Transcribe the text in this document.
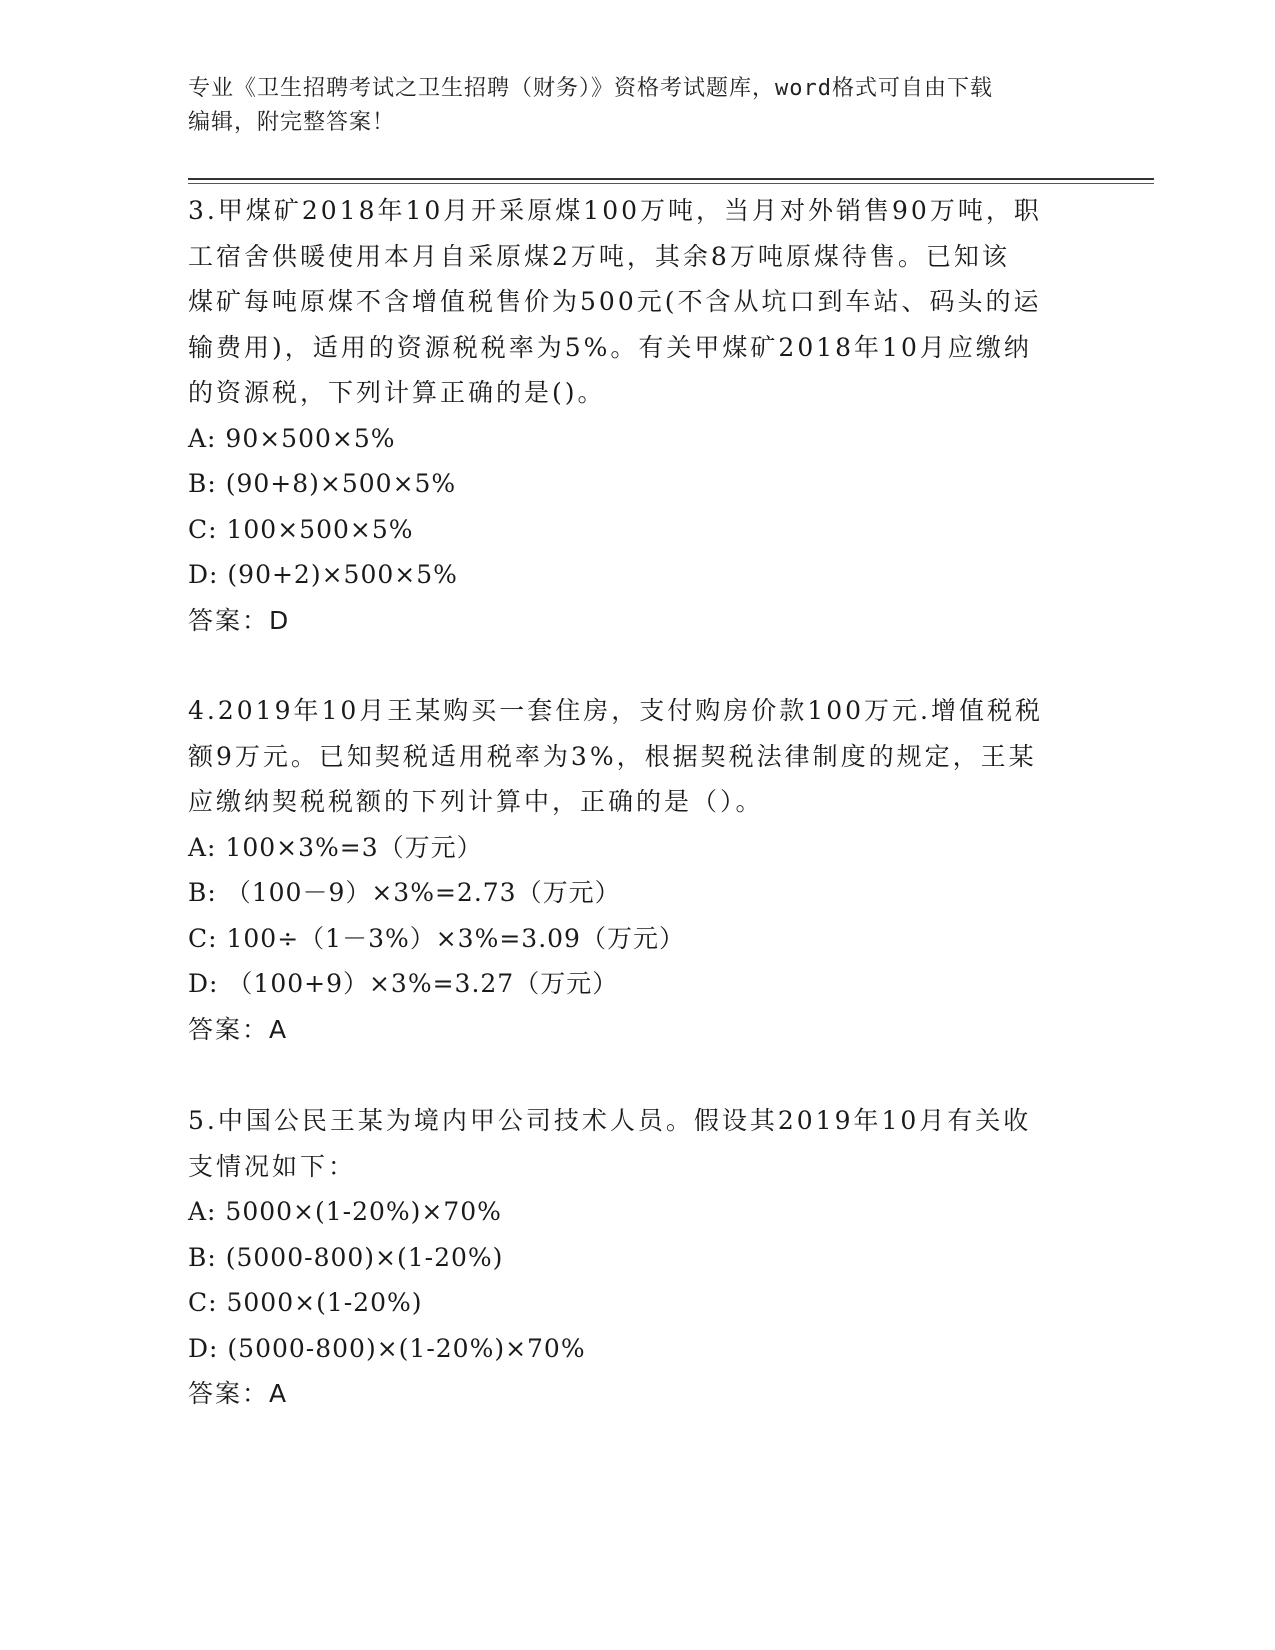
专业《卫生招聘考试之卫生招聘（财务）》资格考试题库，word格式可自由下载
编辑，附完整答案！

3.甲煤矿2018年10月开采原煤100万吨，当月对外销售90万吨，职

工宿舍供暖使用本月自采原煤2万吨，其余8万吨原煤待售。已知该

煤矿每吨原煤不含增值税售价为500元(不含从坑口到车站、码头的运

输费用)，适用的资源税税率为5%。有关甲煤矿2018年10月应缴纳

的资源税，下列计算正确的是()。

A: 90×500×5%

B: (90+8)×500×5%

C: 100×500×5%

D: (90+2)×500×5%

答案：D

4.2019年10月王某购买一套住房，支付购房价款100万元.增值税税

额9万元。已知契税适用税率为3%，根据契税法律制度的规定，王某

应缴纳契税税额的下列计算中，正确的是（）。

A: 100×3%=3（万元）

B: （100－9）×3%=2.73（万元）

C: 100÷（1－3%）×3%=3.09（万元）

D: （100+9）×3%=3.27（万元）

答案：A

5.中国公民王某为境内甲公司技术人员。假设其2019年10月有关收

支情况如下：

A: 5000×(1-20%)×70%

B: (5000-800)×(1-20%)

C: 5000×(1-20%)

D: (5000-800)×(1-20%)×70%

答案：A
